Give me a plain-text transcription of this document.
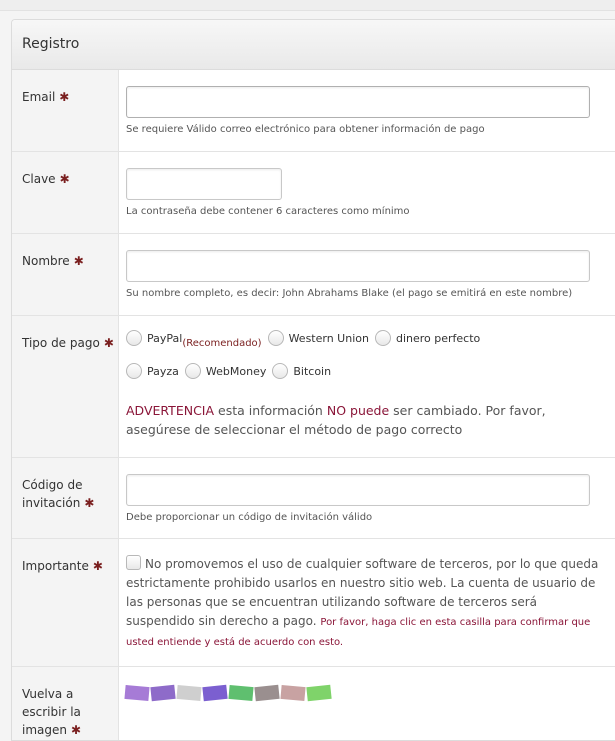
Registro
Email ✱
Se requiere Válido correo electrónico para obtener información de pago
Clave ✱
La contraseña debe contener 6 caracteres como mínimo
Nombre ✱
Su nombre completo, es decir: John Abrahams Blake (el pago se emitirá en este nombre)
Tipo de pago ✱	PayPal (Recomendado) Western Union dinero perfecto
Payza WebMoney Bitcoin
ADVERTENCIA esta información NO puede ser cambiado. Por favor, asegúrese de seleccionar el método de pago correcto
Código de invitación ✱
Debe proporcionar un código de invitación válido
Importante ✱	No promovemos el uso de cualquier software de terceros, por lo que queda estrictamente prohibido usarlos en nuestro sitio web. La cuenta de usuario de las personas que se encuentran utilizando software de terceros será suspendido sin derecho a pago. Por favor, haga clic en esta casilla para confirmar que usted entiende y está de acuerdo con esto.
Vuelva a escribir la imagen ✱
